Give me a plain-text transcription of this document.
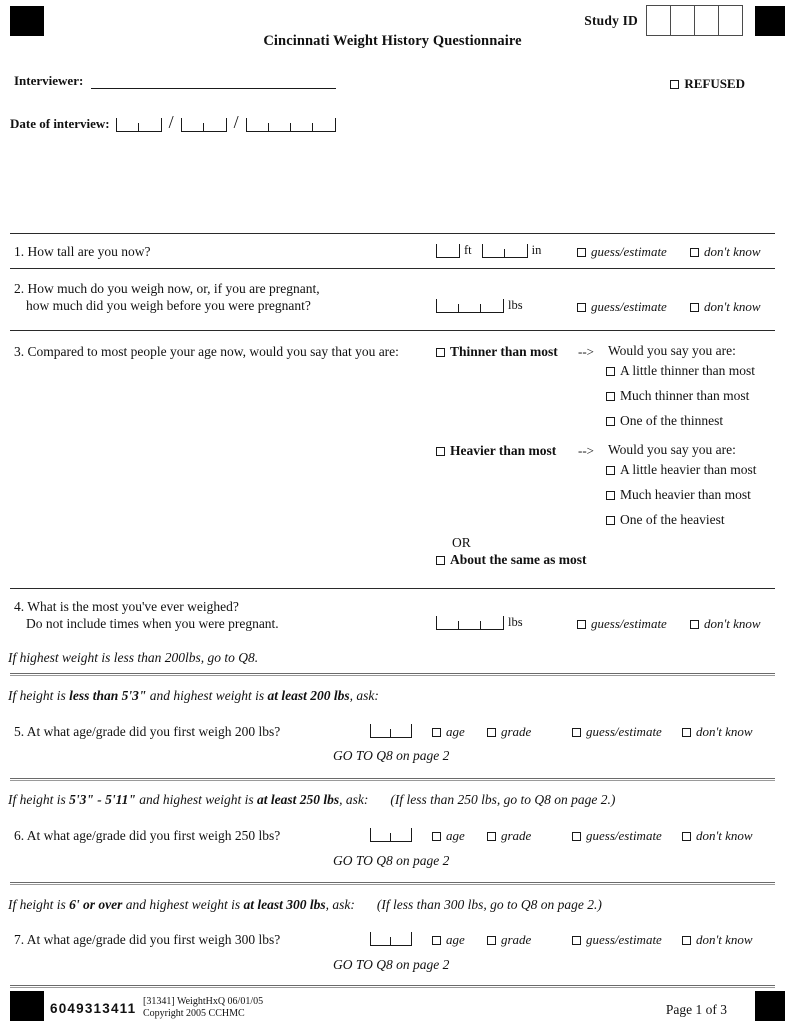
Study ID
Cincinnati Weight History Questionnaire
Interviewer:	REFUSED
Date of interview:	/	/
1. How tall are you now?	ft	in	guess/estimate	don't know
2. How much do you weigh now, or, if you are pregnant,
how much did you weigh before you were pregnant?	lbs	guess/estimate	don't know
3. Compared to most people your age now, would you say that you are:	Thinner than most --> Would you say you are:
A little thinner than most
Much thinner than most
One of the thinnest
Heavier than most --> Would you say you are:
A little heavier than most
Much heavier than most
One of the heaviest
OR
About the same as most
4. What is the most you've ever weighed?
Do not include times when you were pregnant.	lbs	guess/estimate	don't know
If highest weight is less than 200lbs, go to Q8.
If height is less than 5'3" and highest weight is at least 200 lbs, ask:
5. At what age/grade did you first weigh 200 lbs?	age	grade	guess/estimate	don't know
GO TO Q8 on page 2
If height is 5'3" - 5'11" and highest weight is at least 250 lbs, ask: (If less than 250 lbs, go to Q8 on page 2.)
6. At what age/grade did you first weigh 250 lbs?	age	grade	guess/estimate	don't know
GO TO Q8 on page 2
If height is 6' or over and highest weight is at least 300 lbs, ask: (If less than 300 lbs, go to Q8 on page 2.)
7. At what age/grade did you first weigh 300 lbs?	age	grade	guess/estimate	don't know
GO TO Q8 on page 2
6049313411 [31341] WeightHxQ 06/01/05
Copyright 2005 CCHMC	Page 1 of 3
